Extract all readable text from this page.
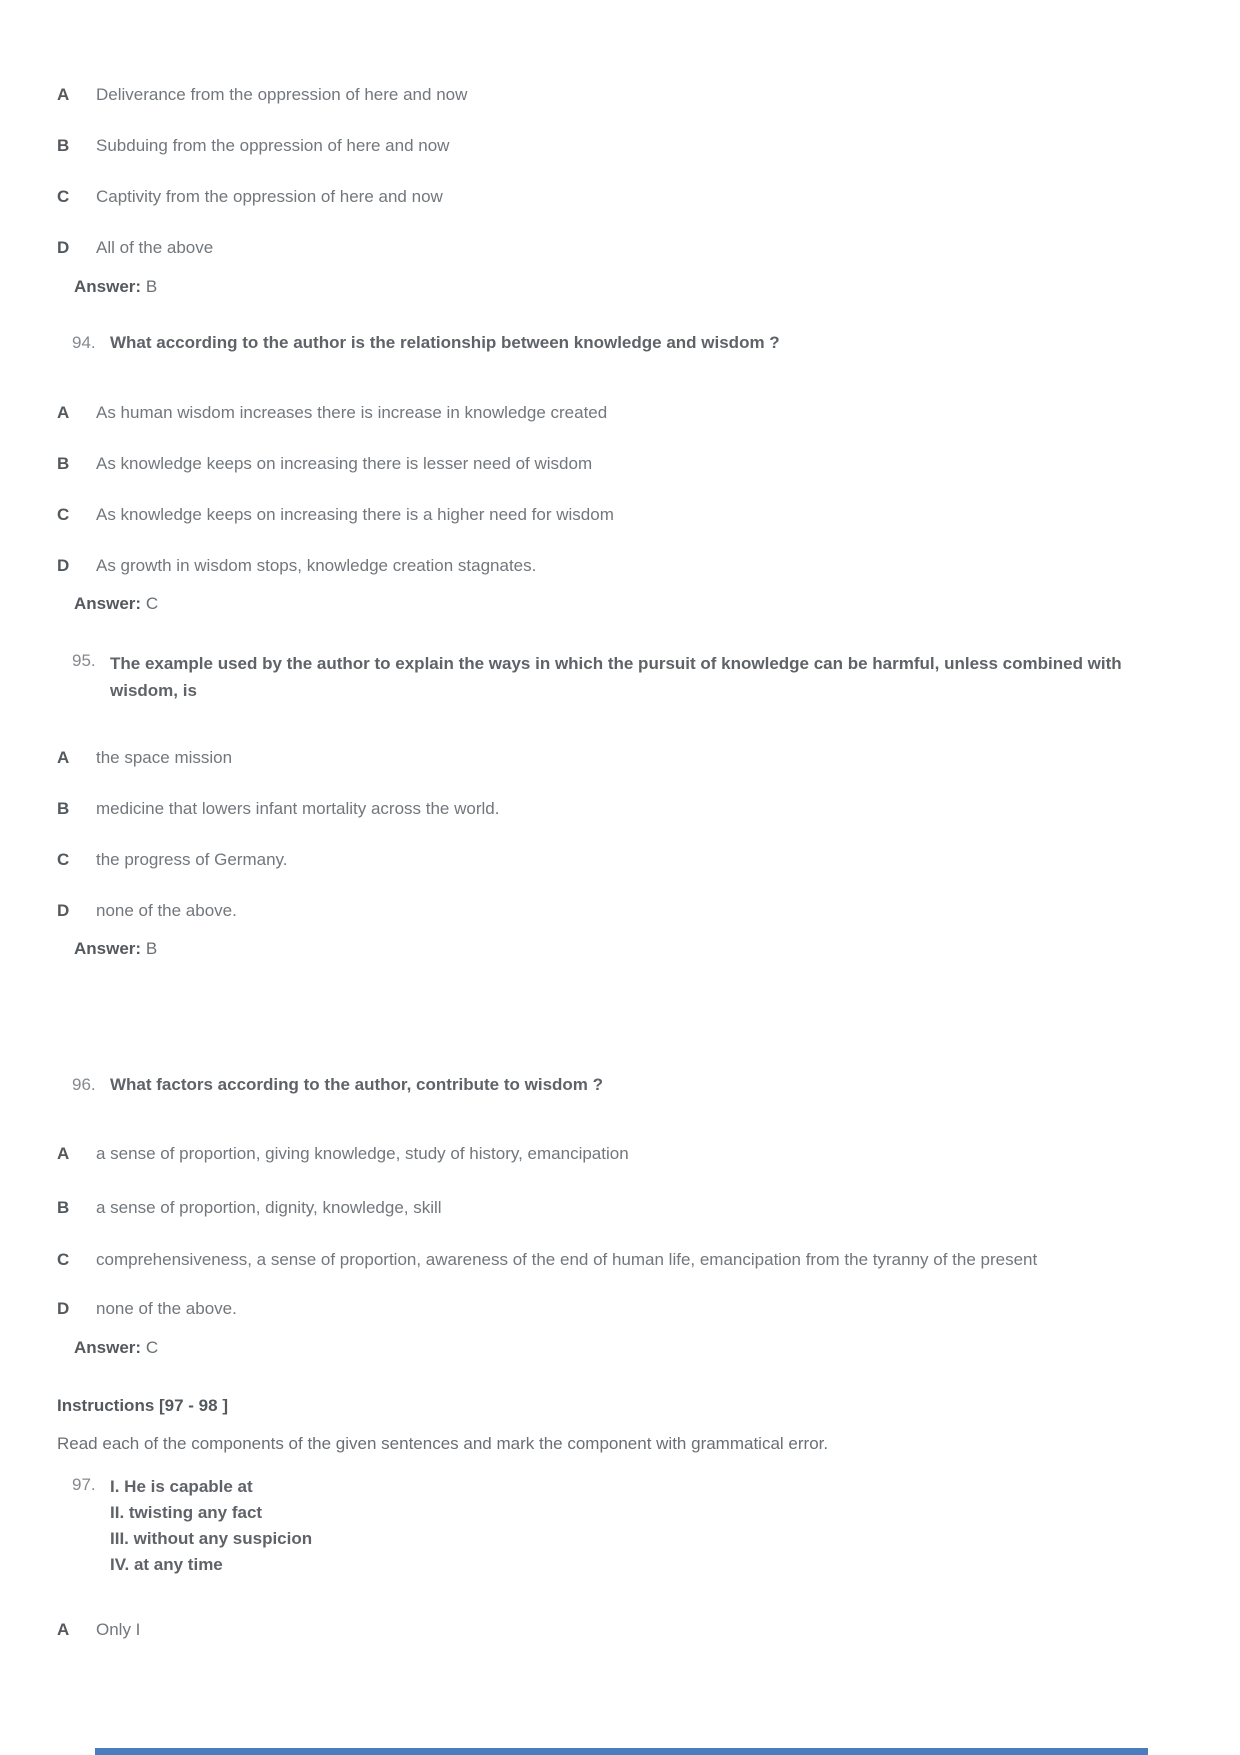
A	Deliverance from the oppression of here and now
B	Subduing from the oppression of here and now
C	Captivity from the oppression of here and now
D	All of the above
Answer: B
94. What according to the author is the relationship between knowledge and wisdom ?
A	As human wisdom increases there is increase in knowledge created
B	As knowledge keeps on increasing there is lesser need of wisdom
C	As knowledge keeps on increasing there is a higher need for wisdom
D	As growth in wisdom stops, knowledge creation stagnates.
Answer: C
95. The example used by the author to explain the ways in which the pursuit of knowledge can be harmful, unless combined with wisdom, is
A	the space mission
B	medicine that lowers infant mortality across the world.
C	the progress of Germany.
D	none of the above.
Answer: B
96. What factors according to the author, contribute to wisdom ?
A	a sense of proportion, giving knowledge, study of history, emancipation
B	a sense of proportion, dignity, knowledge, skill
C	comprehensiveness, a sense of proportion, awareness of the end of human life, emancipation from the tyranny of the present
D	none of the above.
Answer: C
Instructions [97 - 98 ]
Read each of the components of the given sentences and mark the component with grammatical error.
97. I. He is capable at
II. twisting any fact
III. without any suspicion
IV. at any time
A	Only I
